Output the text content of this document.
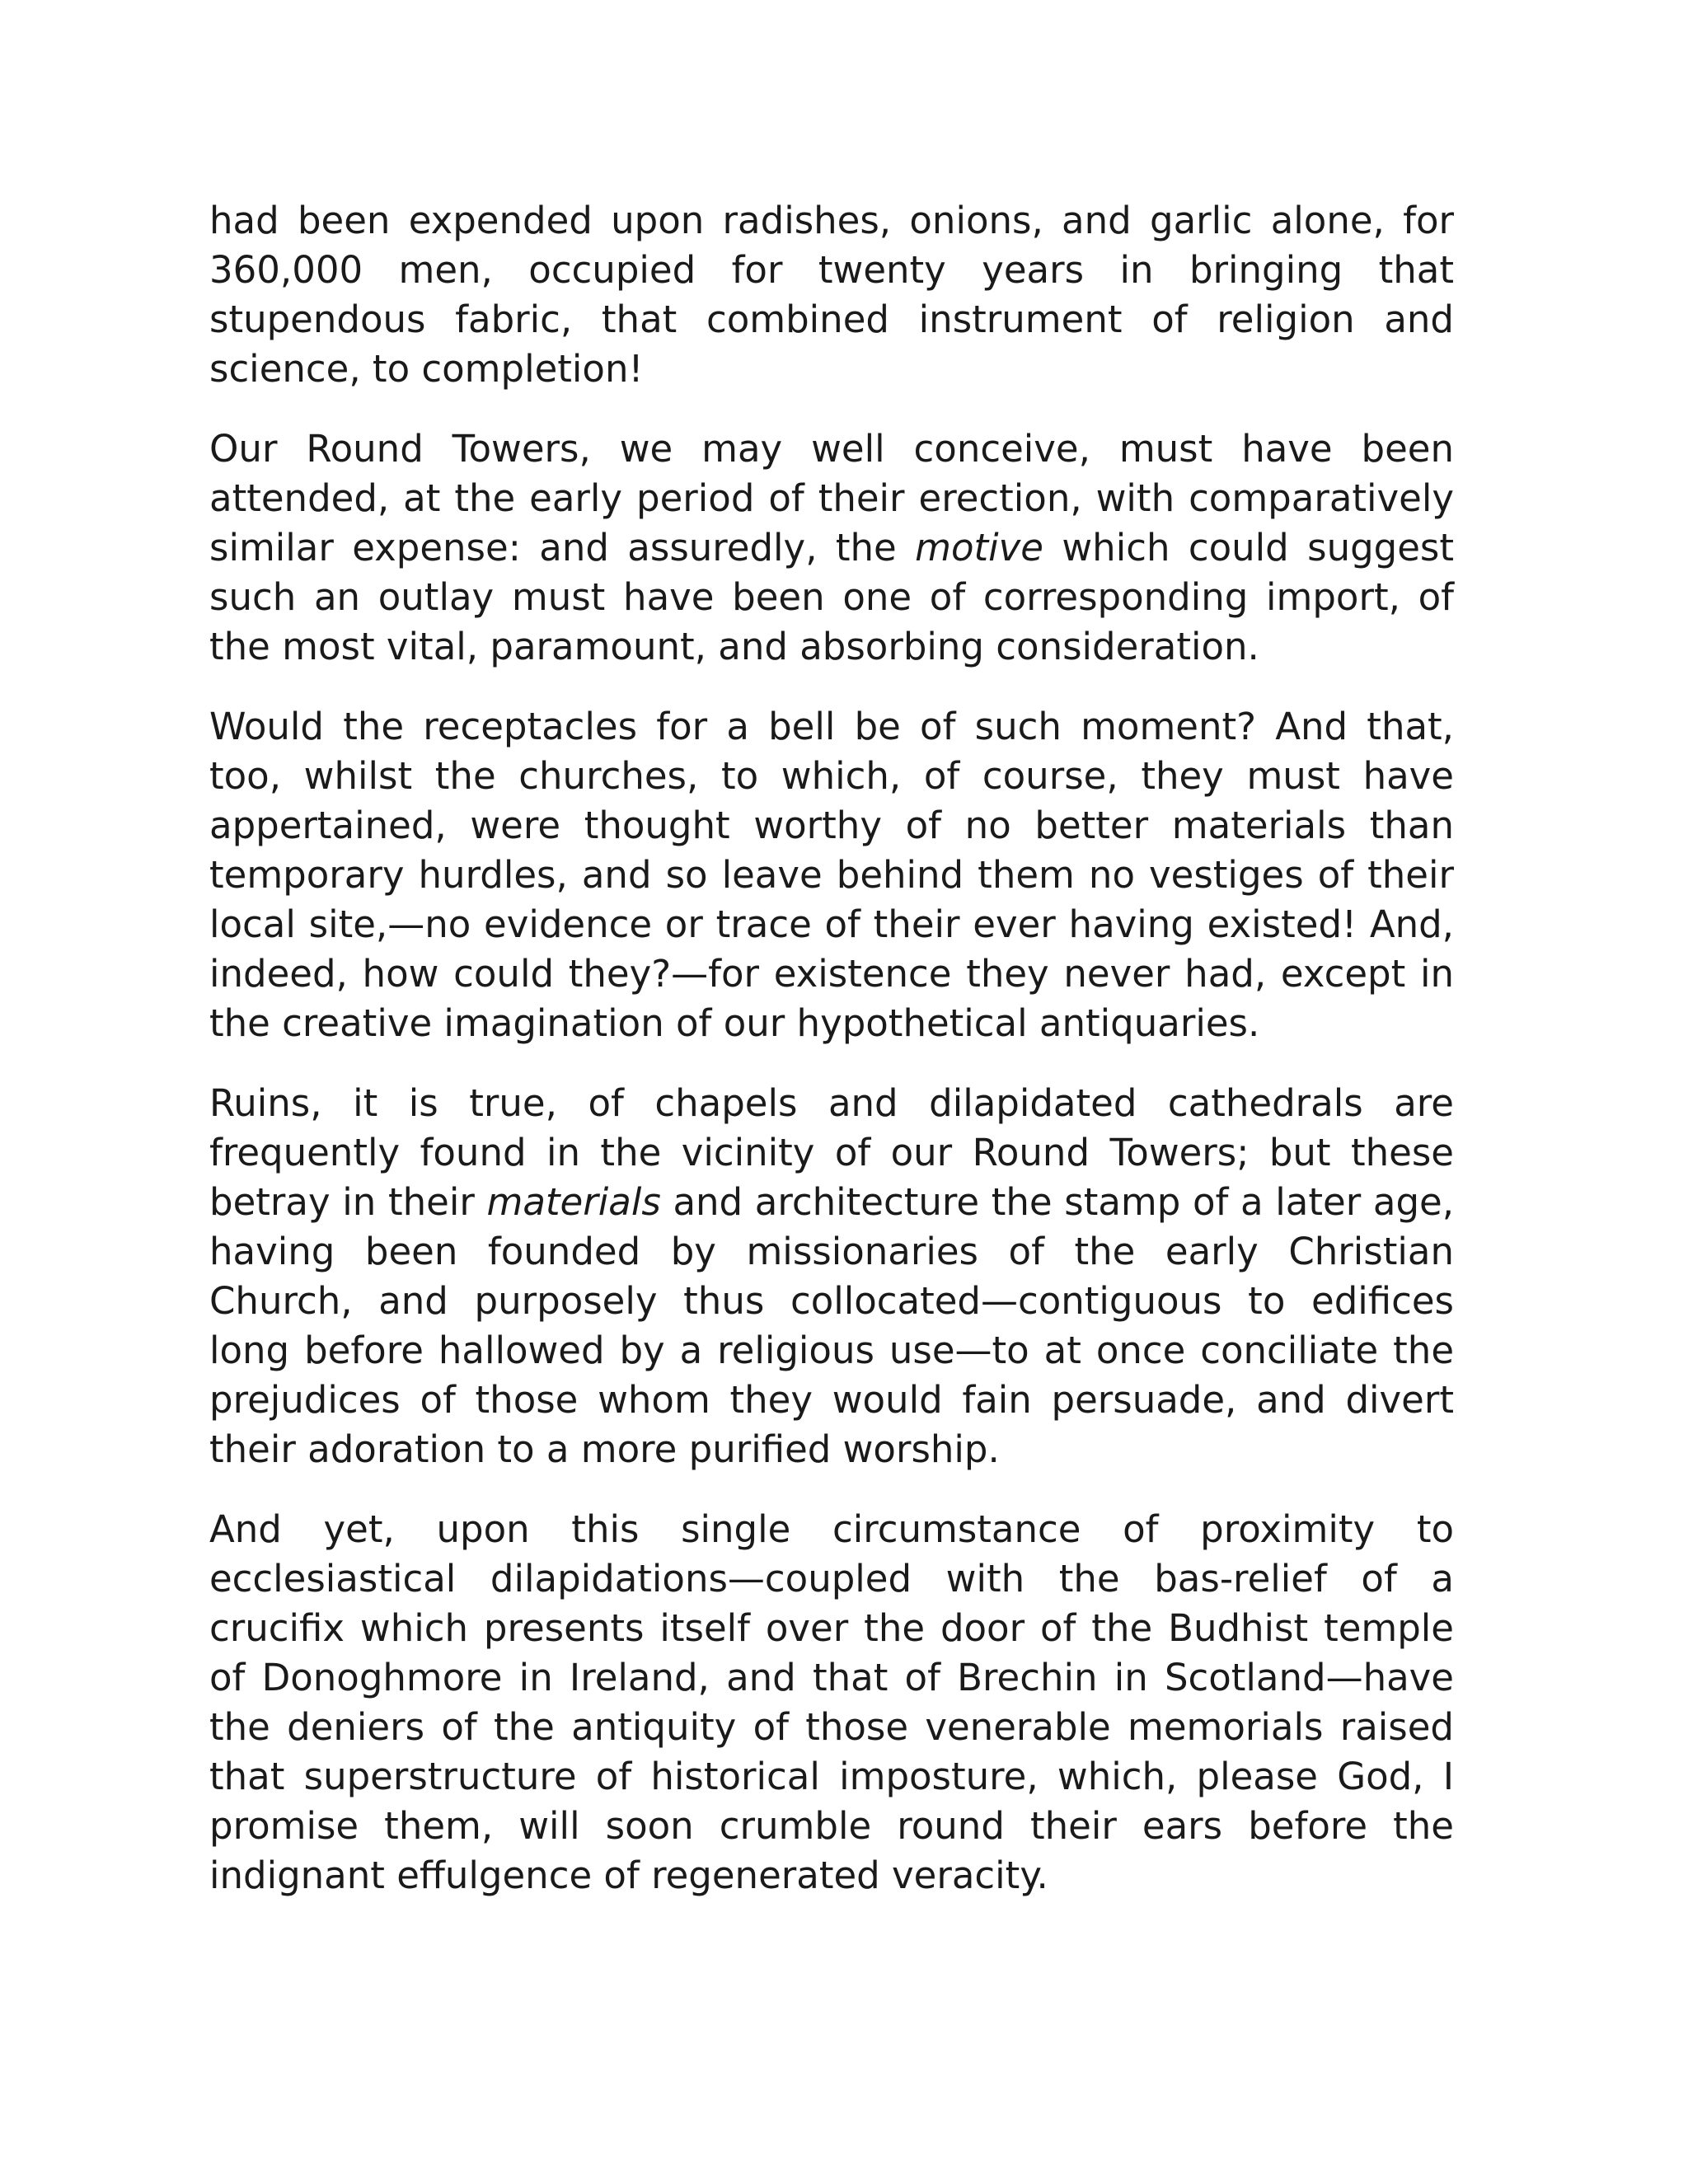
had been expended upon radishes, onions, and garlic alone, for 360,000 men, occupied for twenty years in bringing that stupendous fabric, that combined instrument of religion and science, to completion!

Our Round Towers, we may well conceive, must have been attended, at the early period of their erection, with comparatively similar expense: and assuredly, the motive which could suggest such an outlay must have been one of corresponding import, of the most vital, paramount, and absorbing consideration.

Would the receptacles for a bell be of such moment? And that, too, whilst the churches, to which, of course, they must have appertained, were thought worthy of no better materials than temporary hurdles, and so leave behind them no vestiges of their local site,—no evidence or trace of their ever having existed! And, indeed, how could they?—for existence they never had, except in the creative imagination of our hypothetical antiquaries.

Ruins, it is true, of chapels and dilapidated cathedrals are frequently found in the vicinity of our Round Towers; but these betray in their materials and architecture the stamp of a later age, having been founded by missionaries of the early Christian Church, and purposely thus collocated—contiguous to edifices long before hallowed by a religious use—to at once conciliate the prejudices of those whom they would fain persuade, and divert their adoration to a more purified worship.

And yet, upon this single circumstance of proximity to ecclesiastical dilapidations—coupled with the bas-relief of a crucifix which presents itself over the door of the Budhist temple of Donoghmore in Ireland, and that of Brechin in Scotland—have the deniers of the antiquity of those venerable memorials raised that superstructure of historical imposture, which, please God, I promise them, will soon crumble round their ears before the indignant effulgence of regenerated veracity.
